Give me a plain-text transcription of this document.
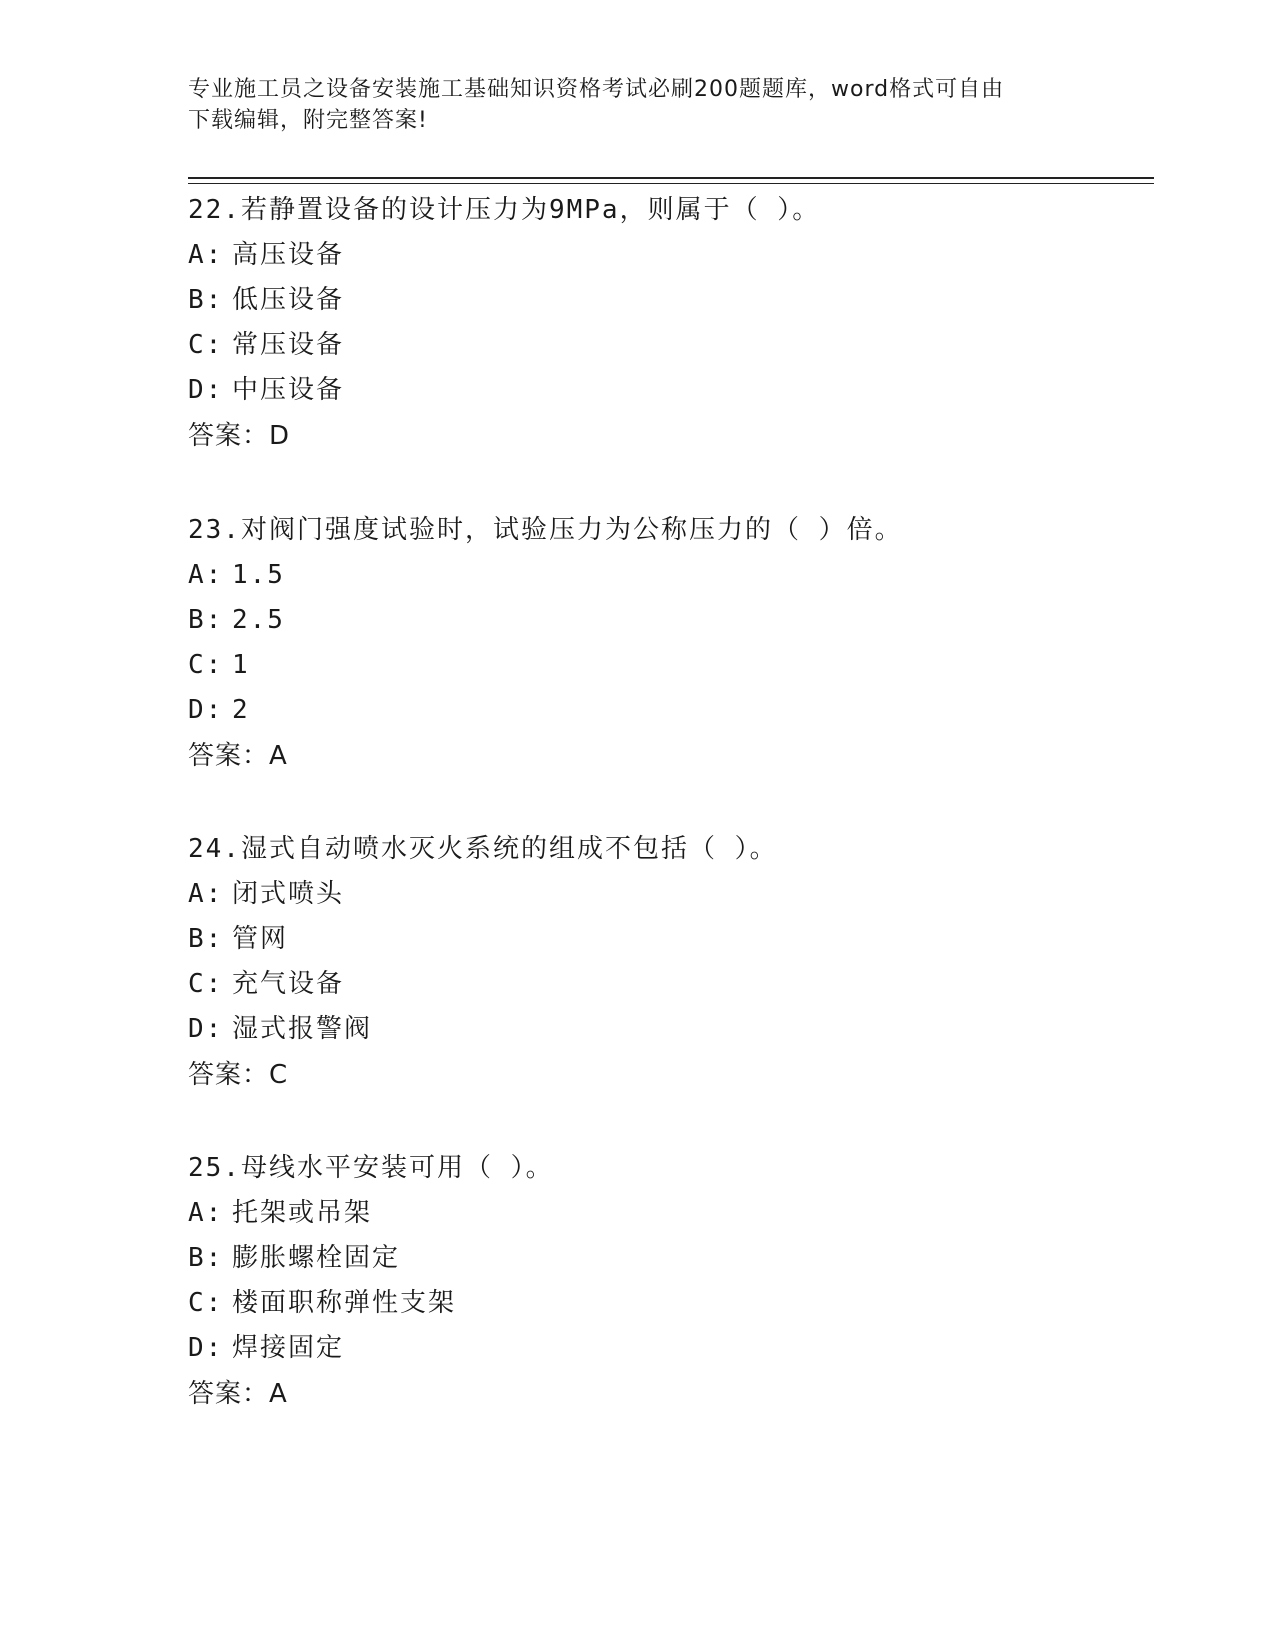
专业施工员之设备安装施工基础知识资格考试必刷200题题库，word格式可自由
下载编辑，附完整答案!
22.若静置设备的设计压力为9MPa，则属于（ ）。
A: 高压设备
B: 低压设备
C: 常压设备
D: 中压设备
答案：D
23.对阀门强度试验时，试验压力为公称压力的（ ）倍。
A: 1.5
B: 2.5
C: 1
D: 2
答案：A
24.湿式自动喷水灭火系统的组成不包括（ ）。
A: 闭式喷头
B: 管网
C: 充气设备
D: 湿式报警阀
答案：C
25.母线水平安装可用（ ）。
A: 托架或吊架
B: 膨胀螺栓固定
C: 楼面职称弹性支架
D: 焊接固定
答案：A
